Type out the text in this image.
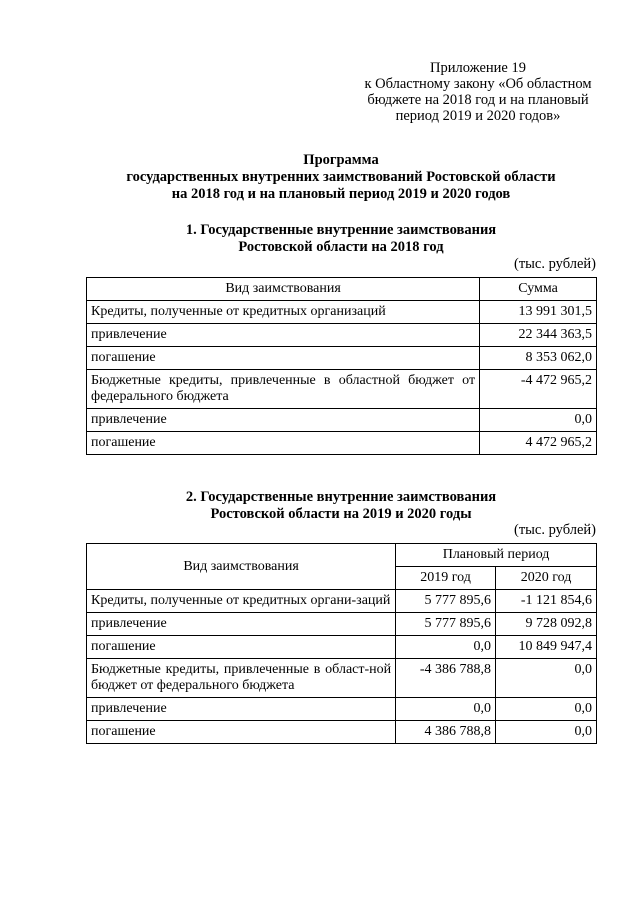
Приложение 19
к Областному закону «Об областном
бюджете на 2018 год и на плановый
период 2019 и 2020 годов»
Программа
государственных внутренних заимствований Ростовской области
на 2018 год и на плановый период 2019 и 2020 годов
1. Государственные внутренние заимствования
Ростовской области на 2018 год
(тыс. рублей)
Вид заимствования	Сумма
Кредиты, полученные от кредитных организаций	13 991 301,5
привлечение	22 344 363,5
погашение	8 353 062,0
Бюджетные кредиты, привлеченные в областной бюджет от федерального бюджета	-4 472 965,2
привлечение	0,0
погашение	4 472 965,2
2. Государственные внутренние заимствования
Ростовской области на 2019 и 2020 годы
(тыс. рублей)
Вид заимствования	Плановый период	
	2019 год	2020 год
Кредиты, полученные от кредитных органи-заций	5 777 895,6	-1 121 854,6
привлечение	5 777 895,6	9 728 092,8
погашение	0,0	10 849 947,4
Бюджетные кредиты, привлеченные в област-ной бюджет от федерального бюджета	-4 386 788,8	0,0
привлечение	0,0	0,0
погашение	4 386 788,8	0,0
